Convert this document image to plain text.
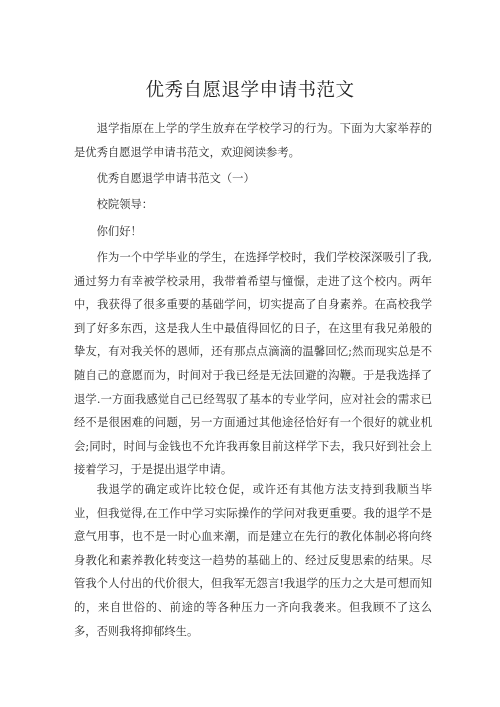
优秀自愿退学申请书范文

退学指原在上学的学生放弃在学校学习的行为。下面为大家举荐的是优秀自愿退学申请书范文，欢迎阅读参考。

优秀自愿退学申请书范文（一）
校院领导：
你们好！

作为一个中学毕业的学生，在选择学校时，我们学校深深吸引了我,通过努力有幸被学校录用，我带着希望与憧憬，走进了这个校内。两年中，我获得了很多重要的基础学问，切实提高了自身素养。在高校我学到了好多东西，这是我人生中最值得回忆的日子，在这里有我兄弟般的挚友，有对我关怀的恩师，还有那点点滴滴的温馨回忆;然而现实总是不随自己的意愿而为，时间对于我已经是无法回避的沟鞭。于是我选择了退学.一方面我感觉自己已经驾驭了基本的专业学问，应对社会的需求已经不是很困难的问题，另一方面通过其他途径恰好有一个很好的就业机会;同时，时间与金钱也不允许我再象目前这样学下去，我只好到社会上接着学习，于是提出退学申请。

我退学的确定或许比较仓促，或许还有其他方法支持到我顺当毕业，但我觉得,在工作中学习实际操作的学问对我更重要。我的退学不是意气用事，也不是一时心血来潮，而是建立在先行的教化体制必将向终身教化和素养教化转变这一趋势的基础上的、经过反叟思索的结果。尽管我个人付出的代价很大，但我军无怨言!我退学的压力之大是可想而知的，来自世俗的、前途的等各种压力一齐向我袭来。但我顾不了这么多，否则我将抑郁终生。
